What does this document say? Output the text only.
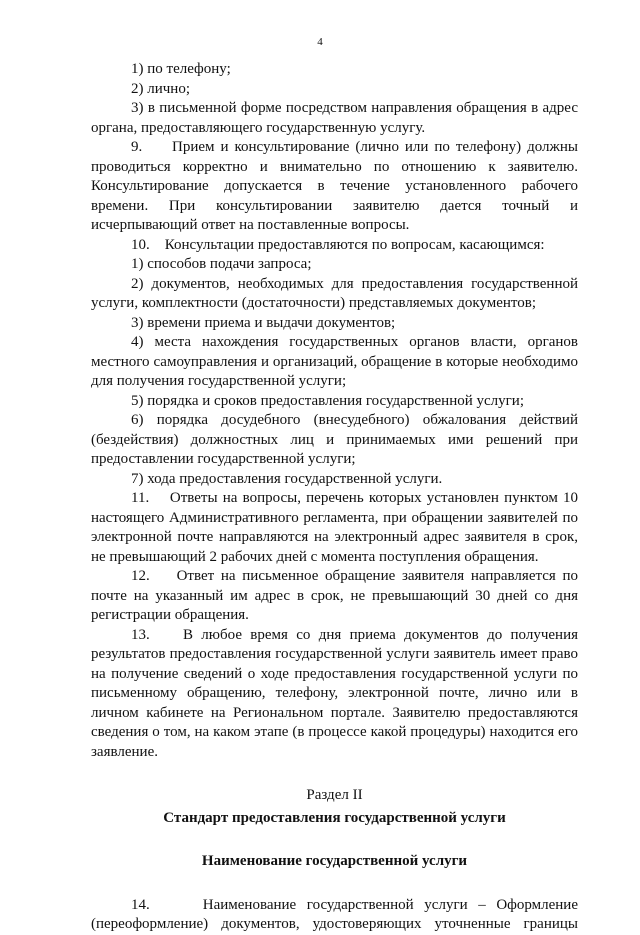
4

1) по телефону;

2) лично;

3) в письменной форме посредством направления обращения в адрес органа, предоставляющего государственную услугу.

9.     Прием и консультирование (лично или по телефону) должны проводиться корректно и внимательно по отношению к заявителю. Консультирование допускается в течение установленного рабочего времени. При консультировании заявителю дается точный и исчерпывающий ответ на поставленные вопросы.

10.    Консультации предоставляются по вопросам, касающимся:

1) способов подачи запроса;

2) документов, необходимых для предоставления государственной услуги, комплектности (достаточности) представляемых документов;

3) времени приема и выдачи документов;

4) места нахождения государственных органов власти, органов местного самоуправления и организаций, обращение в которые необходимо для получения государственной услуги;

5) порядка и сроков предоставления государственной услуги;

6) порядка досудебного (внесудебного) обжалования действий (бездействия) должностных лиц и принимаемых ими решений при предоставлении государственной услуги;

7) хода предоставления государственной услуги.

11.    Ответы на вопросы, перечень которых установлен пунктом 10 настоящего Административного регламента, при обращении заявителей по электронной почте направляются на электронный адрес заявителя в срок, не превышающий 2 рабочих дней с момента поступления обращения.

12.    Ответ на письменное обращение заявителя направляется по почте на указанный им адрес в срок, не превышающий 30 дней со дня регистрации обращения.

13.    В любое время со дня приема документов до получения результатов предоставления государственной услуги заявитель имеет право на получение сведений о ходе предоставления государственной услуги по письменному обращению, телефону, электронной почте, лично или в личном кабинете на Региональном портале. Заявителю предоставляются сведения о том, на каком этапе (в процессе какой процедуры) находится его заявление.

Раздел II

Стандарт предоставления государственной услуги

Наименование государственной услуги

14.     Наименование государственной услуги – Оформление (переоформление) документов, удостоверяющих уточненные границы
